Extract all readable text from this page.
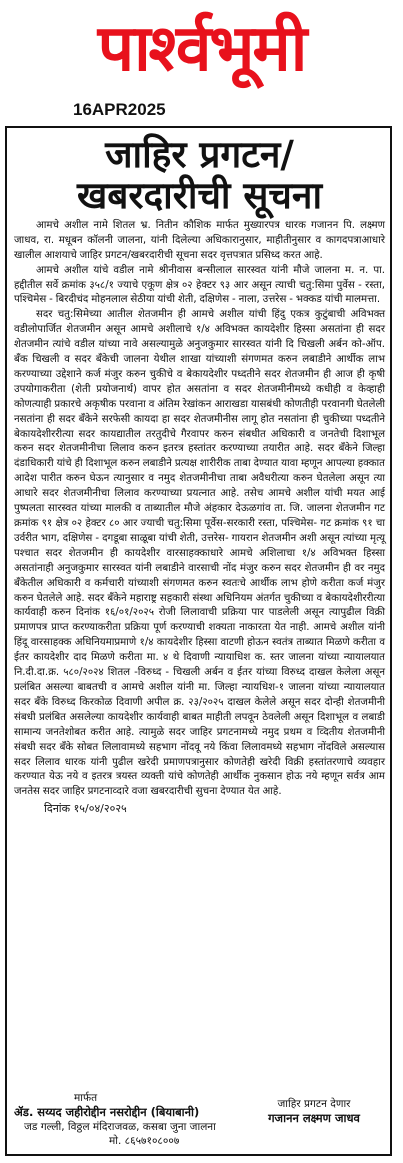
पार्श्वभूमी
16APR2025
जाहिर प्रगटन/
खबरदारीची सूचना

आमचे अशील नामे शितल भ्र. नितीन कौशिक मार्फत मुख्यारपत्र धारक गजानन पि. लक्ष्मण जाधव, रा. मधूबन कॉलनी जालना, यांनी दिलेल्या अधिकारानुसार, माहीतीनुसार व कागदपत्राआधारे खालील आशयाचे जाहिर प्रगटन/खबरदारीची सूचना सदर वृत्तपत्रात प्रसिध्द करत आहे.

आमचे अशील यांचे वडील नामे श्रीनीवास बन्सीलाल सारस्वत यांनी मौजे जालना म. न. पा. हद्दीतील सर्वे क्रमांक ३५८/१ ज्याचे एकूण क्षेत्र ०२ हेक्टर ९३ आर असून त्याची चतु:सिमा पुर्वेस - रस्ता, पश्चिमेस - बिरदीचंद मोहनलाल सेठीया यांची शेती, दक्षिणेस - नाला, उत्तरेस - भक्कड यांची मालमत्ता.

सदर चतु:सिमेच्या आतील शेतजमीन ही आमचे अशील यांची हिंदु एकत्र कुटुंबाची अविभक्त वडीलोपार्जित शेतजमीन असून आमचे अशीलाचे १/४ अविभक्त कायदेशीर हिस्सा असतांना ही सदर शेतजमीन त्यांचे वडील यांच्या नावे असल्यामुळे अनुजकुमार सारस्वत यांनी दि चिखली अर्बन को-ऑप. बँक चिखली व सदर बँकेची जालना येथील शाखा यांच्याशी संगणमत करुन लबाडीने आर्थीक लाभ करण्याच्या उद्देशाने कर्ज मंजुर करुन चुकीचे व बेकायदेशीर पध्दतीने सदर शेतजमीन ही आज ही कृषी उपयोगाकरीता (शेती प्रयोजनार्थ) वापर होत असतांना व सदर शेतजमीनीमध्ये कधीही व केव्हाही कोणत्याही प्रकारचे अकृषीक परवाना व अंतिम रेखांकन आराखडा यासबंधी कोणतीही परवानगी घेतलेली नसतांना ही सदर बँकेने सरफेसी कायदा हा सदर शेतजमीनीस लागू होत नसतांना ही चुकीच्या पध्दतीने बेकायदेशीररीत्या सदर कायद्यातील तरतुदीचे गैरवापर करुन संबधीत अधिकारी व जनतेची दिशाभूल करुन सदर शेतजमीनीचा लिलाव करुन इतरत्र हस्तांतर करण्याच्या तयारीत आहे. सदर बँकेने जिल्हा दंडाधिकारी यांचे ही दिशाभूल करुन लबाडीने प्रत्यक्ष शारीरीक ताबा देण्यात यावा म्हणून आपल्या हक्कात आदेश पारीत करुन घेऊन त्यानुसार व नमुद शेतजमीनीचा ताबा अवैधरीत्या करुन घेतलेला असून त्या आधारे सदर शेतजमीनीचा लिलाव करण्याच्या प्रयत्नात आहे. तसेच आमचे अशील यांची मयत आई पुष्पलता सारस्वत यांच्या मालकी व ताब्यातील मौजे अंहकार देऊळगांव ता. जि. जालना शेतजमीन गट क्रमांक ९१ क्षेत्र ०२ हेक्टर ८० आर ज्याची चतु:सिमा पूर्वेस-सरकारी रस्ता, पश्चिमेस- गट क्रमांक ९१ चा उर्वरीत भाग, दक्षिणेस - दगडूबा साळूबा यांची शेती, उत्तरेस- गायरान शेतजमीन अशी असून त्यांच्या मृत्यू पश्चात सदर शेतजमीन ही कायदेशीर वारसाहक्काधारे आमचे अशिलाचा १/४ अविभक्त हिस्सा असतांनाही अनुजकुमार सारस्वत यांनी लबाडीने वारसाची नोंद मंजुर करुन सदर शेतजमीन ही वर नमुद बँकेतील अधिकारी व कर्मचारी यांच्याशी संगणमत करुन स्वतःचे आर्थीक लाभ होणे करीता कर्ज मंजुर करुन घेतलेले आहे. सदर बँकेने महाराष्ट्र सहकारी संस्था अधिनियम अंतर्गत चुकीच्या व बेकायदेशीररीत्या कार्यवाही करुन दिनांक १६/०१/२०२५ रोजी लिलावाची प्रक्रिया पार पाडलेली असून त्यापुढील विक्री प्रमाणपत्र प्राप्त करण्याकरीता प्रक्रिया पूर्ण करण्याची शक्यता नाकारता येत नाही. आमचे अशील यांनी हिंदू वारसाहक्क अधिनियमाप्रमाणे १/४ कायदेशीर हिस्सा वाटणी होऊन स्वतंत्र ताब्यात मिळणे करीता व ईतर कायदेशीर दाद मिळणे करीता मा. ४ थे दिवाणी न्यायाधिश क. स्तर जालना यांच्या न्यायालयात नि.दी.दा.क्र. ५८०/२०२४ शितल -विरुध्द - चिखली अर्बन व ईतर यांच्या विरुध्द दाखल केलेला असून प्रलंबित असल्या बाबतची व आमचे अशील यांनी मा. जिल्हा न्यायधिश-१ जालना यांच्या न्यायालयात सदर बँके विरुध्द किरकोळ दिवाणी अपील क्र. २३/२०२५ दाखल केलेले असून सदर दोन्ही शेतजमीनी संबधी प्रलंबित असलेल्या कायदेशीर कार्यवाही बाबत माहीती लपवून ठेवलेली असून दिशाभूल व लबाडी सामान्य जनतेशोबत करीत आहे. त्यामुळे सदर जाहिर प्रगटनामध्ये नमुद प्रथम व व्दितीय शेतजमीनी संबधी सदर बँके सोबत लिलावामध्ये सहभाग नोंदवू नये किंवा लिलावमध्ये सहभाग नोंदविले असल्यास सदर लिलाव धारक यांनी पुढील खरेदी प्रमाणपत्रानुसार कोणतेही खरेदी विक्री हस्तांतरणाचे व्यवहार करण्यात येऊ नये व इतरत्र त्रयस्त व्यक्ती यांचे कोणतेही आर्थीक नुकसान होऊ नये म्हणून सर्वत्र आम जनतेस सदर जाहिर प्रगटनाव्दारे वजा खबरदारीची सुचना देण्यात येत आहे.

दिनांक १५/०४/२०२५
जाहिर प्रगटन देणार
गजानन लक्ष्मण जाधव
मार्फत
ॲड. सय्यद जहीरोद्दीन नसरोद्दीन (बियाबानी)
जड गल्ली, विठ्ठल मंदिराजवळ, कसबा जुना जालना
मो. ८६५७१०८००७
